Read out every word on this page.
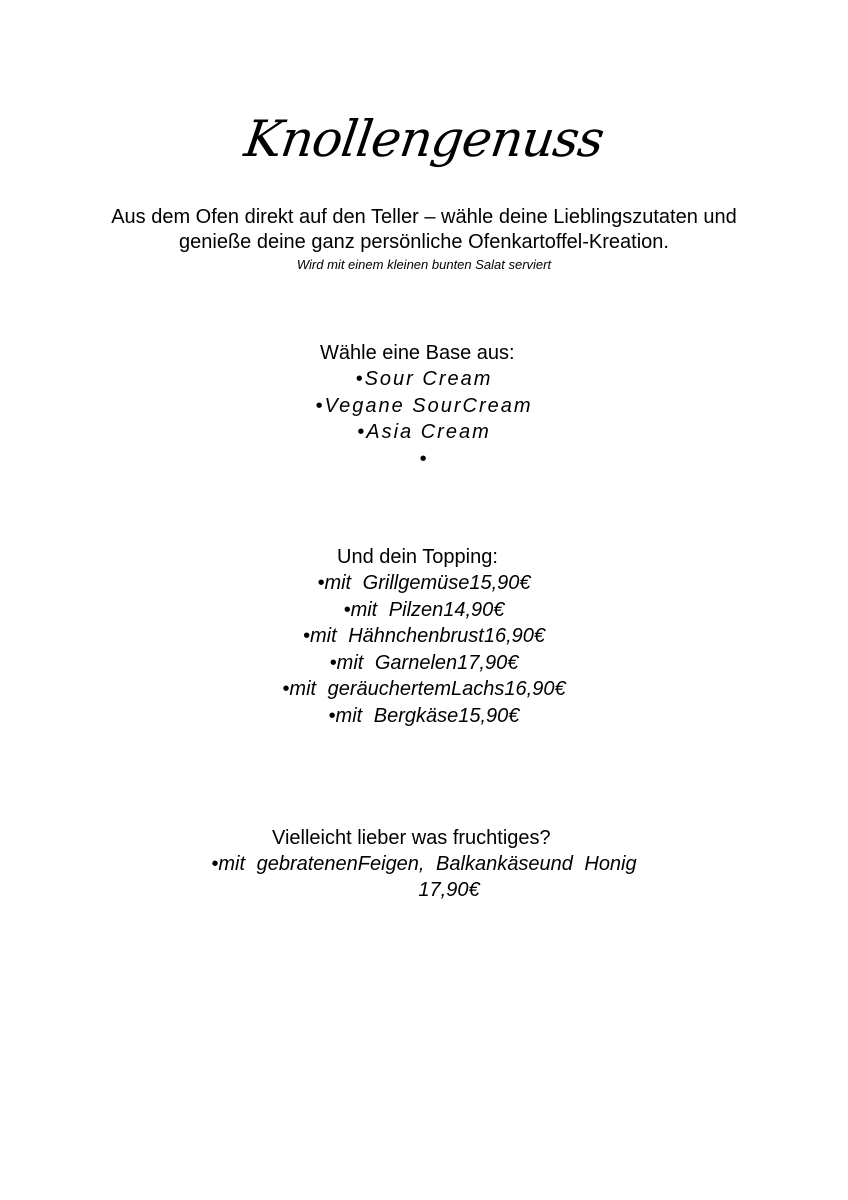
Knollengenuss
Aus dem Ofen direkt auf den Teller – wähle deine Lieblingszutaten und
genieße deine ganz persönliche Ofenkartoffel-Kreation.
Wird mit einem kleinen bunten Salat serviert
Wähle eine Base aus:
•Sour Cream
•Vegane SourCream
•Asia Cream
•
Und dein Topping:
•mit Grillgemüse15,90€
•mit Pilzen14,90€
•mit Hähnchenbrust16,90€
•mit Garnelen17,90€
•mit geräuchertemLachs16,90€
•mit Bergkäse15,90€
Vielleicht lieber was fruchtiges?
•mit gebratenenFeigen, Balkankäseund Honig
17,90€
